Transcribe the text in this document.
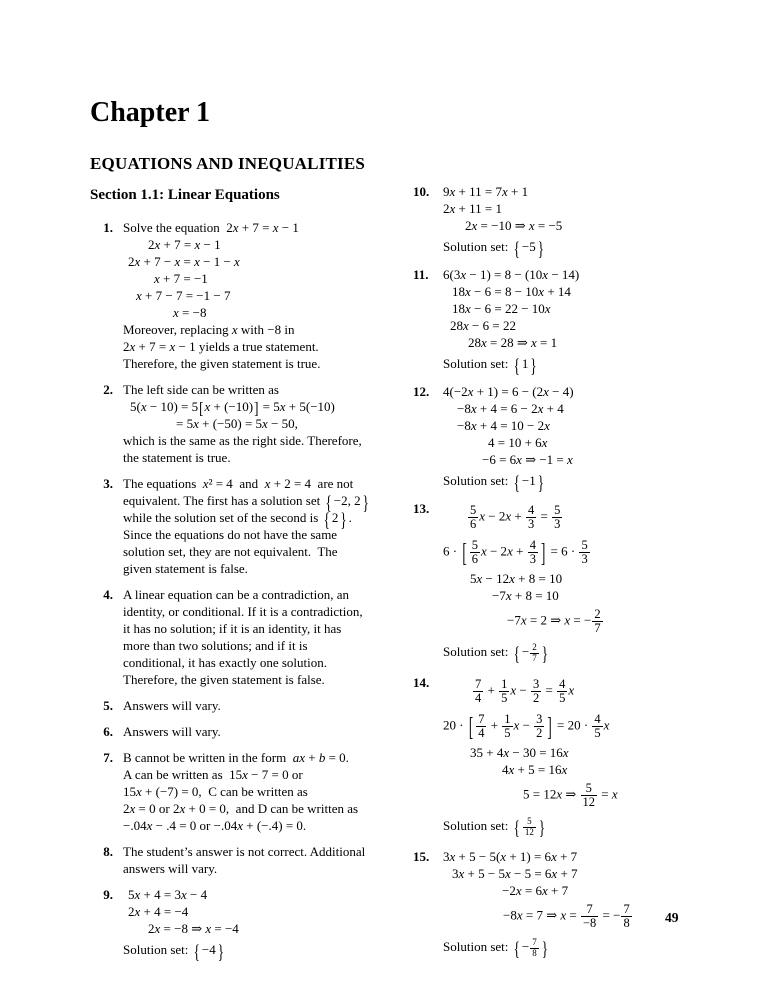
Chapter 1
EQUATIONS AND INEQUALITIES
Section 1.1: Linear Equations
1. Solve the equation  2x + 7 = x − 1
2x + 7 = x − 1
2x + 7 − x = x − 1 − x
x + 7 = −1
x + 7 − 7 = −1 − 7
x = −8
Moreover, replacing x with −8 in
2x + 7 = x − 1 yields a true statement.
Therefore, the given statement is true.
2. The left side can be written as
5(x − 10) = 5[x + (−10)] = 5x + 5(−10)
= 5x + (−50) = 5x − 50,
which is the same as the right side. Therefore,
the statement is true.
3. The equations  x² = 4  and  x + 2 = 4  are not
equivalent. The first has a solution set { −2, 2 }
while the solution set of the second is { 2 } .
Since the equations do not have the same
solution set, they are not equivalent.  The
given statement is false.
4. A linear equation can be a contradiction, an
identity, or conditional. If it is a contradiction,
it has no solution; if it is an identity, it has
more than two solutions; and if it is
conditional, it has exactly one solution.
Therefore, the given statement is false.
5. Answers will vary.
6. Answers will vary.
7. B cannot be written in the form  ax + b = 0.
A can be written as  15x − 7 = 0 or
15x + (−7) = 0,  C can be written as
2x = 0 or 2x + 0 = 0,  and D can be written as
−.04x − .4 = 0 or −.04x + (−.4) = 0.
8. The student’s answer is not correct. Additional
answers will vary.
9.	5x + 4 = 3x − 4
2x + 4 = −4
2x = −8 ⇒ x = −4
Solution set: { −4 }
10.	9x + 11 = 7x + 1
2x + 11 = 1
2x = −10 ⇒ x = −5
Solution set: { −5 }
11.	6(3x − 1) = 8 − (10x − 14)
18x − 6 = 8 − 10x + 14
18x − 6 = 22 − 10x
28x − 6 = 22
28x = 28 ⇒ x = 1
Solution set: { 1 }
12.	4(−2x + 1) = 6 − (2x − 4)
−8x + 4 = 6 − 2x + 4
−8x + 4 = 10 − 2x
4 = 10 + 6x
−6 = 6x ⇒ −1 = x
Solution set: { −1 }
13.	$\frac{5}{6}$ $x - 2x + \frac{4}{3} = \frac{5}{3}$
6 · [ $\frac{5}{6}$ $x - 2x + \frac{4}{3}$ ] = $6 \cdot \frac{5}{3}$
5x − 12x + 8 = 10
−7x + 8 = 10
−7x = 2 ⇒ x = − $\frac{2}{7}$
Solution set: { − $\frac{2}{7}$ }
14.	$\frac{7}{4} + \frac{1}{5}$ $x - \frac{3}{2} = \frac{4}{5}$ x
20 · [ $\frac{7}{4} + \frac{1}{5}$ $x - \frac{3}{2}$ ] = $20 \cdot \frac{4}{5}$ x
35 + 4x − 30 = 16x
4x + 5 = 16x
5 = 12x ⇒ $\frac{5}{12} = x$
Solution set: { $\frac{5}{12}$ }
15.	3x + 5 − 5(x + 1) = 6x + 7
3x + 5 − 5x − 5 = 6x + 7
−2x = 6x + 7
−8x = 7 ⇒ $x = \frac{7}{-8}$ = − $\frac{7}{8}$
Solution set: { − $\frac{7}{8}$ }
49
